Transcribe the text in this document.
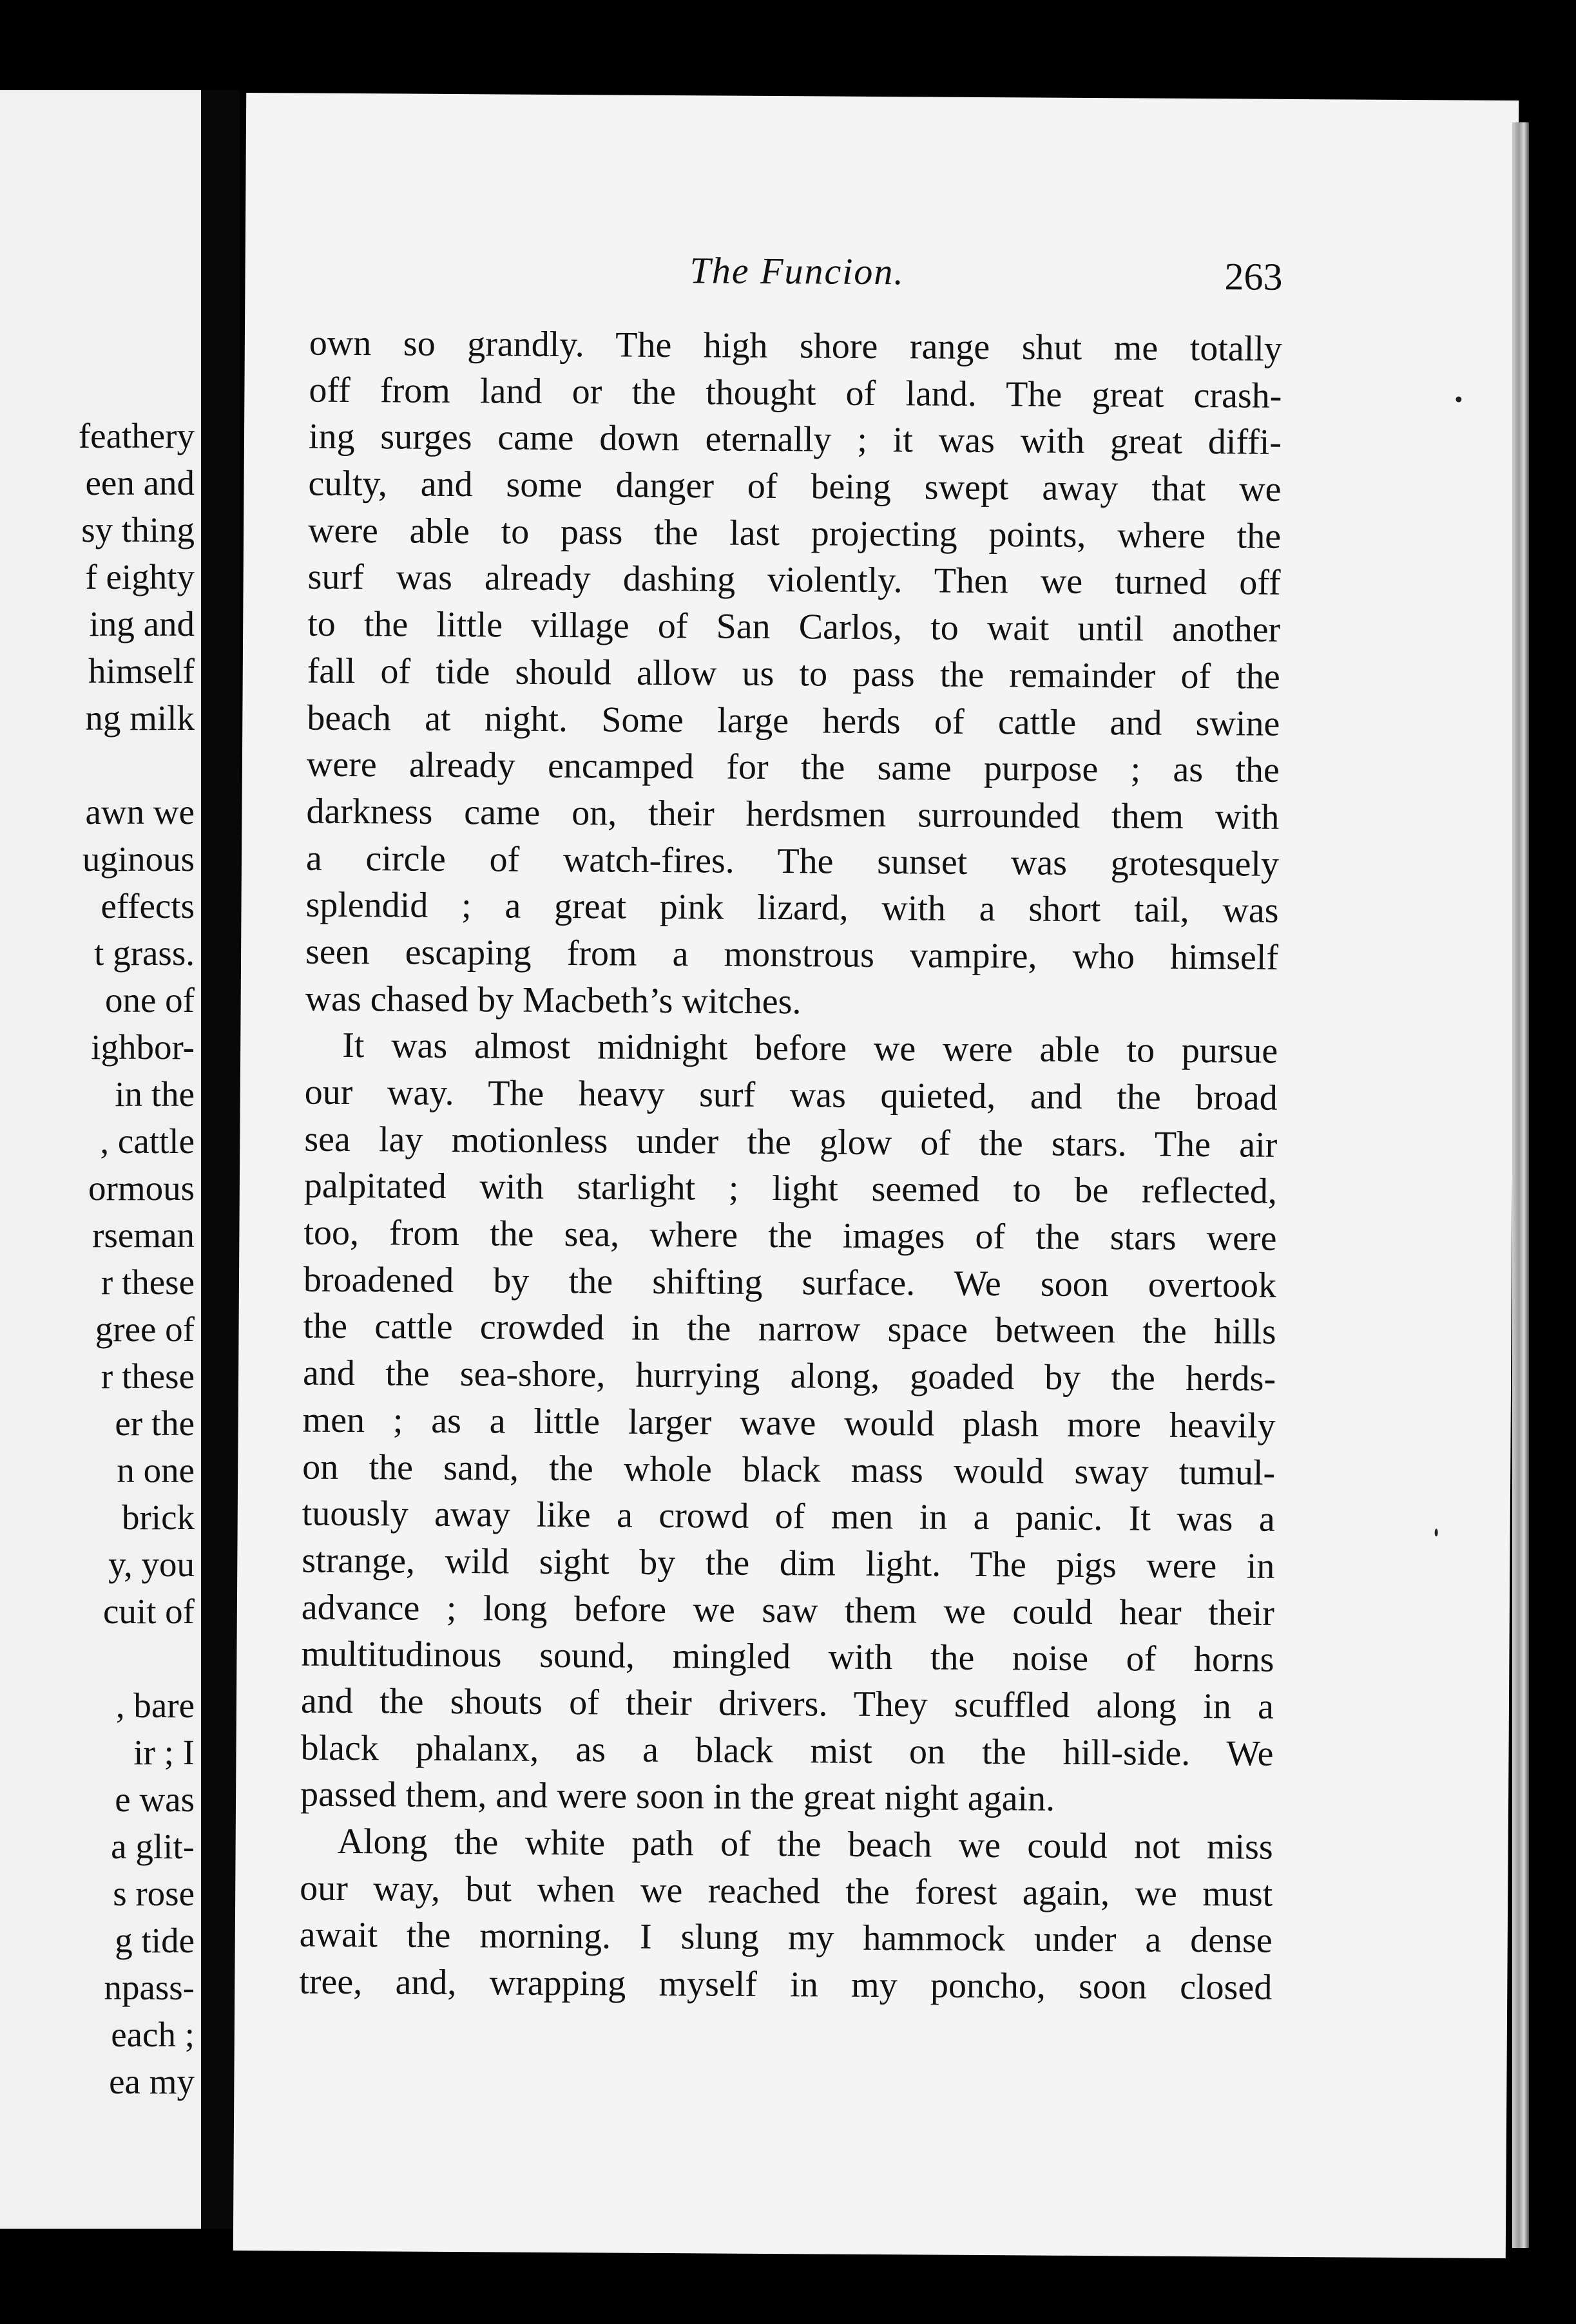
feathery
een and
sy thing
f eighty
ing and
himself
ng milk
awn we
uginous
effects
t grass.
one of
ighbor-
in the
, cattle
ormous
rseman
r these
gree of
r these
er the
n one
brick
y, you
cuit of
, bare
ir ; I
e was
a glit-
s rose
g tide
npass-
each ;
ea my
The Funcion.	263
own so grandly. The high shore range shut me totally
off from land or the thought of land. The great crash-
ing surges came down eternally ; it was with great diffi-
culty, and some danger of being swept away that we
were able to pass the last projecting points, where the
surf was already dashing violently. Then we turned off
to the little village of San Carlos, to wait until another
fall of tide should allow us to pass the remainder of the
beach at night. Some large herds of cattle and swine
were already encamped for the same purpose ; as the
darkness came on, their herdsmen surrounded them with
a circle of watch-fires. The sunset was grotesquely
splendid ; a great pink lizard, with a short tail, was
seen escaping from a monstrous vampire, who himself
was chased by Macbeth’s witches.
It was almost midnight before we were able to pursue
our way. The heavy surf was quieted, and the broad
sea lay motionless under the glow of the stars. The air
palpitated with starlight ; light seemed to be reflected,
too, from the sea, where the images of the stars were
broadened by the shifting surface. We soon overtook
the cattle crowded in the narrow space between the hills
and the sea-shore, hurrying along, goaded by the herds-
men ; as a little larger wave would plash more heavily
on the sand, the whole black mass would sway tumul-
tuously away like a crowd of men in a panic. It was a
strange, wild sight by the dim light. The pigs were in
advance ; long before we saw them we could hear their
multitudinous sound, mingled with the noise of horns
and the shouts of their drivers. They scuffled along in a
black phalanx, as a black mist on the hill-side. We
passed them, and were soon in the great night again.
Along the white path of the beach we could not miss
our way, but when we reached the forest again, we must
await the morning. I slung my hammock under a dense
tree, and, wrapping myself in my poncho, soon closed
